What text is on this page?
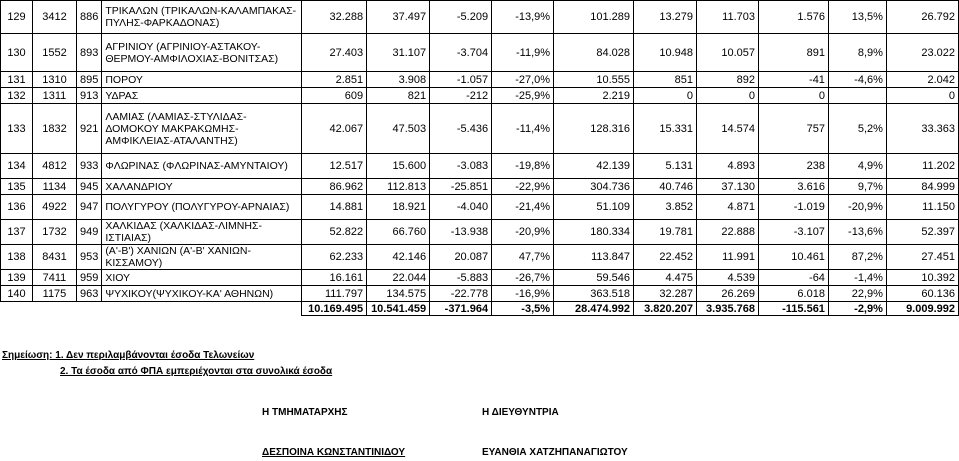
129	3412	886	ΤΡΙΚΑΛΩΝ (ΤΡΙΚΑΛΩΝ-ΚΑΛΑΜΠΑΚΑΣ-ΠΥΛΗΣ-ΦΑΡΚΑΔΟΝΑΣ)	32.288	37.497	-5.209	-13,9%	101.289	13.279	11.703	1.576	13,5%	26.792
130	1552	893	ΑΓΡΙΝΙΟΥ (ΑΓΡΙΝΙΟΥ-ΑΣΤΑΚΟΥ-ΘΕΡΜΟΥ-ΑΜΦΙΛΟΧΙΑΣ-ΒΟΝΙΤΣΑΣ)	27.403	31.107	-3.704	-11,9%	84.028	10.948	10.057	891	8,9%	23.022
131	1310	895	ΠΟΡΟΥ	2.851	3.908	-1.057	-27,0%	10.555	851	892	-41	-4,6%	2.042
132	1311	913	ΥΔΡΑΣ	609	821	-212	-25,9%	2.219	0	0	0		0
133	1832	921	ΛΑΜΙΑΣ (ΛΑΜΙΑΣ-ΣΤΥΛΙΔΑΣ-ΔΟΜΟΚΟΥ ΜΑΚΡΑΚΩΜΗΣ-ΑΜΦΙΚΛΕΙΑΣ-ΑΤΑΛΑΝΤΗΣ)	42.067	47.503	-5.436	-11,4%	128.316	15.331	14.574	757	5,2%	33.363
134	4812	933	ΦΛΩΡΙΝΑΣ (ΦΛΩΡΙΝΑΣ-ΑΜΥΝΤΑΙΟΥ)	12.517	15.600	-3.083	-19,8%	42.139	5.131	4.893	238	4,9%	11.202
135	1134	945	ΧΑΛΑΝΔΡΙΟΥ	86.962	112.813	-25.851	-22,9%	304.736	40.746	37.130	3.616	9,7%	84.999
136	4922	947	ΠΟΛΥΓΥΡΟΥ (ΠΟΛΥΓΥΡΟΥ-ΑΡΝΑΙΑΣ)	14.881	18.921	-4.040	-21,4%	51.109	3.852	4.871	-1.019	-20,9%	11.150
137	1732	949	ΧΑΛΚΙΔΑΣ (ΧΑΛΚΙΔΑΣ-ΛΙΜΝΗΣ-ΙΣΤΙΑΙΑΣ)	52.822	66.760	-13.938	-20,9%	180.334	19.781	22.888	-3.107	-13,6%	52.397
138	8431	953	(Α'-Β') ΧΑΝΙΩΝ (Α'-Β' ΧΑΝΙΩΝ-ΚΙΣΣΑΜΟΥ)	62.233	42.146	20.087	47,7%	113.847	22.452	11.991	10.461	87,2%	27.451
139	7411	959	ΧΙΟΥ	16.161	22.044	-5.883	-26,7%	59.546	4.475	4.539	-64	-1,4%	10.392
140	1175	963	ΨΥΧΙΚΟΥ(ΨΥΧΙΚΟΥ-ΚΑ' ΑΘΗΝΩΝ)	111.797	134.575	-22.778	-16,9%	363.518	32.287	26.269	6.018	22,9%	60.136
				10.169.495	10.541.459	-371.964	-3,5%	28.474.992	3.820.207	3.935.768	-115.561	-2,9%	9.009.992
Σημείωση: 1. Δεν περιλαμβάνονται έσοδα Τελωνείων
2. Τα έσοδα από ΦΠΑ εμπεριέχονται στα συνολικά έσοδα
Η ΤΜΗΜΑΤΑΡΧΗΣ	Η ΔΙΕΥΘΥΝΤΡΙΑ
ΔΕΣΠΟΙΝΑ ΚΩΝΣΤΑΝΤΙΝΙΔΟΥ	ΕΥΑΝΘΙΑ ΧΑΤΖΗΠΑΝΑΓΙΩΤΟΥ
